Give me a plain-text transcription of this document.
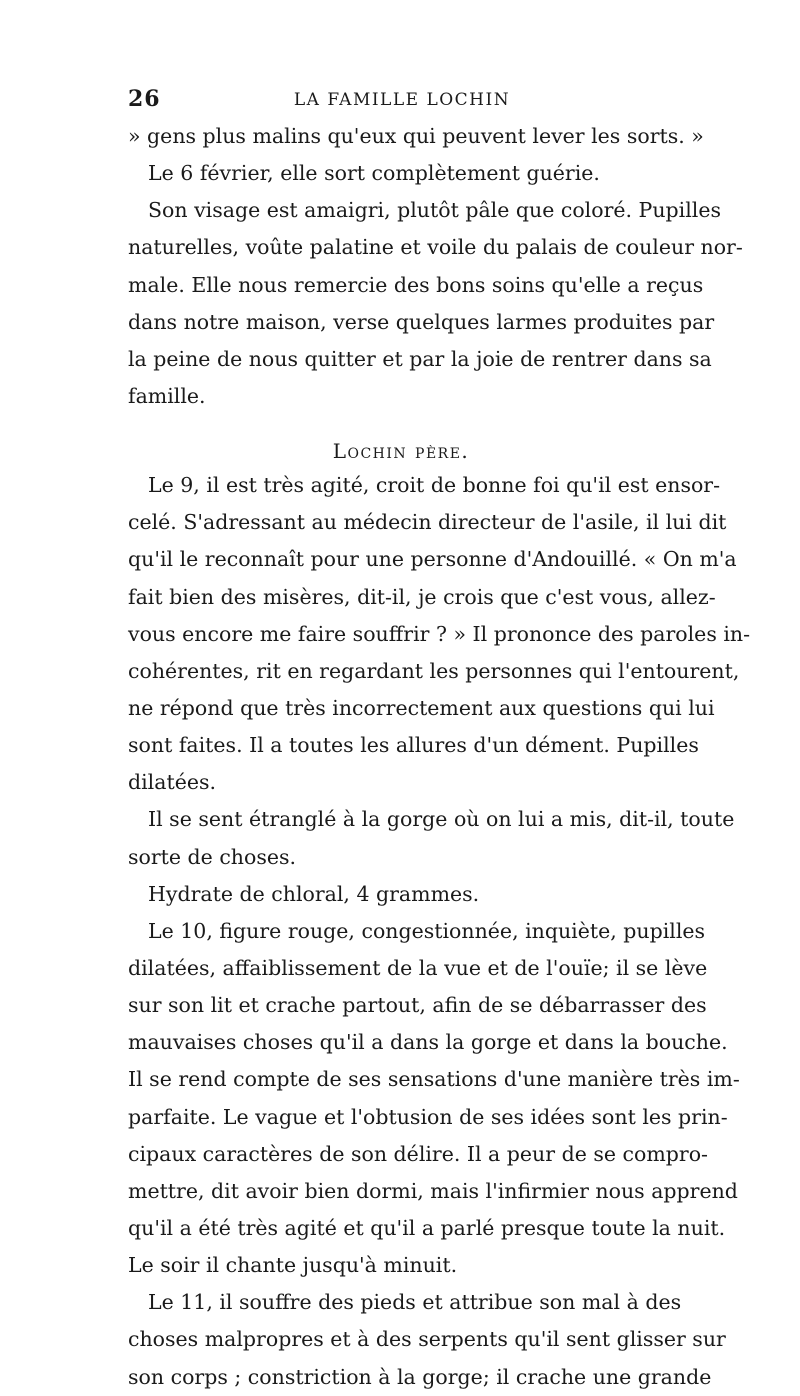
26	LA FAMILLE LOCHIN
» gens plus malins qu'eux qui peuvent lever les sorts. »
Le 6 février, elle sort complètement guérie.
Son visage est amaigri, plutôt pâle que coloré. Pupilles
naturelles, voûte palatine et voile du palais de couleur nor-
male. Elle nous remercie des bons soins qu'elle a reçus
dans notre maison, verse quelques larmes produites par
la peine de nous quitter et par la joie de rentrer dans sa
famille.
Lochin père.
Le 9, il est très agité, croit de bonne foi qu'il est ensor-
celé. S'adressant au médecin directeur de l'asile, il lui dit
qu'il le reconnaît pour une personne d'Andouillé. « On m'a
fait bien des misères, dit-il, je crois que c'est vous, allez-
vous encore me faire souffrir ? » Il prononce des paroles in-
cohérentes, rit en regardant les personnes qui l'entourent,
ne répond que très incorrectement aux questions qui lui
sont faites. Il a toutes les allures d'un dément. Pupilles
dilatées.
Il se sent étranglé à la gorge où on lui a mis, dit-il, toute
sorte de choses.
Hydrate de chloral, 4 grammes.
Le 10, figure rouge, congestionnée, inquiète, pupilles
dilatées, affaiblissement de la vue et de l'ouïe; il se lève
sur son lit et crache partout, afin de se débarrasser des
mauvaises choses qu'il a dans la gorge et dans la bouche.
Il se rend compte de ses sensations d'une manière très im-
parfaite. Le vague et l'obtusion de ses idées sont les prin-
cipaux caractères de son délire. Il a peur de se compro-
mettre, dit avoir bien dormi, mais l'infirmier nous apprend
qu'il a été très agité et qu'il a parlé presque toute la nuit.
Le soir il chante jusqu'à minuit.
Le 11, il souffre des pieds et attribue son mal à des
choses malpropres et à des serpents qu'il sent glisser sur
son corps ; constriction à la gorge; il crache une grande
